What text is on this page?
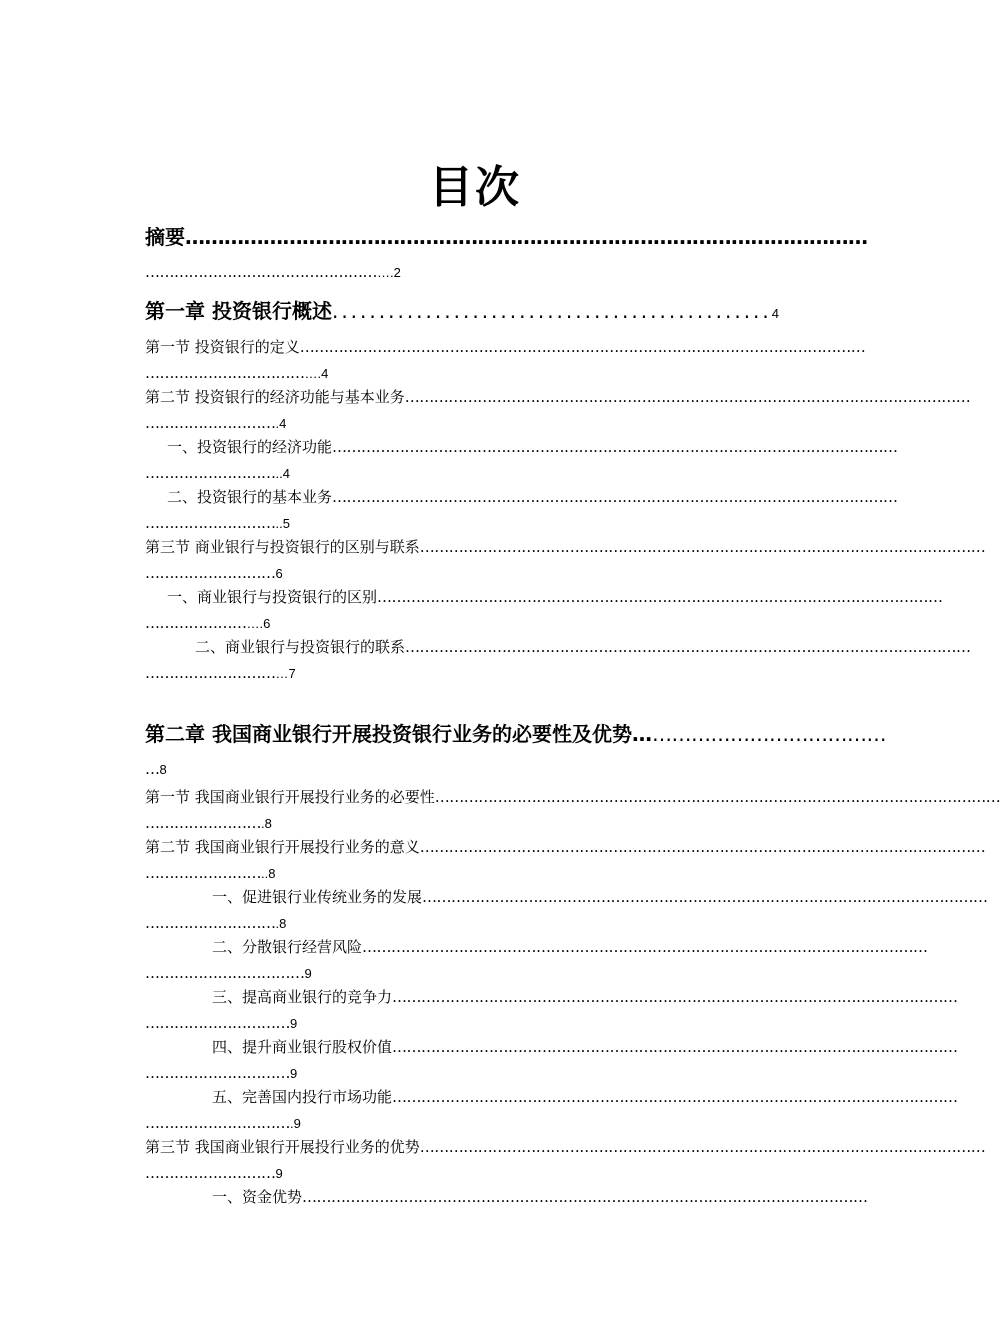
目次
摘要……………………………………………………………………………………………
…………………………………………….2
第一章 投资银行概述...............................................4
第一节 投资银行的定义………………………………………………………………………………………………………
……………………………….4
第二节 投资银行的经济功能与基本业务………………………………………………………………………………………………………
……………………….4
一、投资银行的经济功能………………………………………………………………………………………………………
………………………..4
二、投资银行的基本业务………………………………………………………………………………………………………
………………………..5
第三节 商业银行与投资银行的区别与联系………………………………………………………………………………………………………
………………………6
一、商业银行与投资银行的区别………………………………………………………………………………………………………
…………………….6
二、商业银行与投资银行的联系………………………………………………………………………………………………………
…………………………7
第二章 我国商业银行开展投资银行业务的必要性及优势…………………………………
…8
第一节 我国商业银行开展投行业务的必要性………………………………………………………………………………………………………
…………………….8
第二节 我国商业银行开展投行业务的意义………………………………………………………………………………………………………
……………………..8
一、促进银行业传统业务的发展………………………………………………………………………………………………………
……………………….8
二、分散银行经营风险………………………………………………………………………………………………………
……………………………9
三、提高商业银行的竞争力………………………………………………………………………………………………………
…………………………9
四、提升商业银行股权价值………………………………………………………………………………………………………
…………………………9
五、完善国内投行市场功能………………………………………………………………………………………………………
………………………….9
第三节 我国商业银行开展投行业务的优势………………………………………………………………………………………………………
………………………9
一、资金优势………………………………………………………………………………………………………
